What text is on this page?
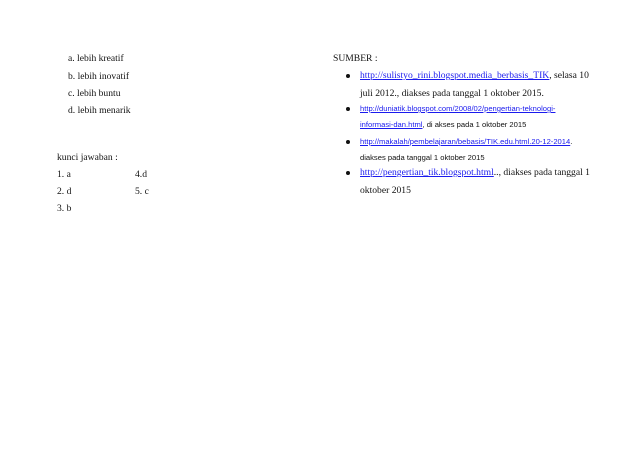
a. lebih kreatif
b. lebih inovatif
c. lebih buntu
d. lebih menarik
kunci jawaban :
1. a	4.d
2. d	5. c
3. b
SUMBER :
http://sulistyo_rini.blogspot.media_berbasis_TIK, selasa 10
juli 2012., diakses pada tanggal 1 oktober 2015.
http://duniatik.blogspot.com/2008/02/pengertian-teknologi-
informasi-dan.html, di akses pada 1 oktober 2015
http://makalah/pembelajaran/bebasis/TIK.edu.html.20-12-2014.
diakses pada tanggal 1 oktober 2015
http://pengertian_tik.blogspot.html.., diakses pada tanggal 1
oktober 2015
